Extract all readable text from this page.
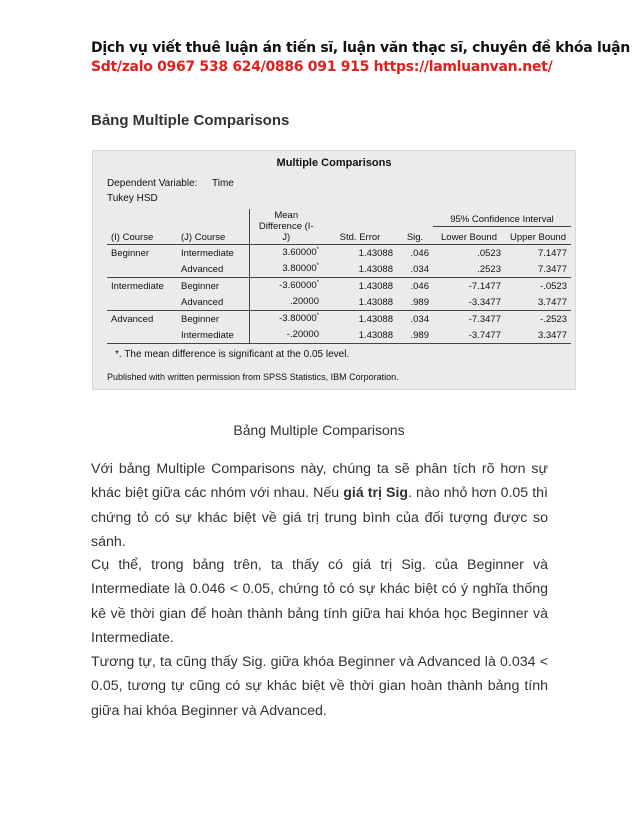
Dịch vụ viết thuê luận án tiến sĩ, luận văn thạc sĩ, chuyên đề khóa luận
Sdt/zalo 0967 538 624/0886 091 915 https://lamluanvan.net/
Bảng Multiple Comparisons
Multiple Comparisons
Dependent Variable: Time
Tukey HSD
(I) Course	(J) Course	Mean
Difference (I-
J)	Std. Error	Sig.	95% Confidence Interval	
					Lower Bound	Upper Bound
Beginner	Intermediate	3.60000*	1.43088	.046	.0523	7.1477
	Advanced	3.80000*	1.43088	.034	.2523	7.3477
Intermediate	Beginner	-3.60000*	1.43088	.046	-7.1477	-.0523
	Advanced	.20000	1.43088	.989	-3.3477	3.7477
Advanced	Beginner	-3.80000*	1.43088	.034	-7.3477	-.2523
	Intermediate	-.20000	1.43088	.989	-3.7477	3.3477
*. The mean difference is significant at the 0.05 level.
Published with written permission from SPSS Statistics, IBM Corporation.
Bảng Multiple Comparisons
Với bảng Multiple Comparisons này, chúng ta sẽ phân tích rõ hơn sự khác biệt giữa các nhóm với nhau. Nếu giá trị Sig. nào nhỏ hơn 0.05 thì chứng tỏ có sự khác biệt về giá trị trung bình của đối tượng được so sánh.
Cụ thể, trong bảng trên, ta thấy có giá trị Sig. của Beginner và Intermediate là 0.046 < 0.05, chứng tỏ có sự khác biệt có ý nghĩa thống kê về thời gian để hoàn thành bảng tính giữa hai khóa học Beginner và Intermediate.
Tương tự, ta cũng thấy Sig. giữa khóa Beginner và Advanced là 0.034 < 0.05, tương tự cũng có sự khác biệt về thời gian hoàn thành bảng tính giữa hai khóa Beginner và Advanced.
